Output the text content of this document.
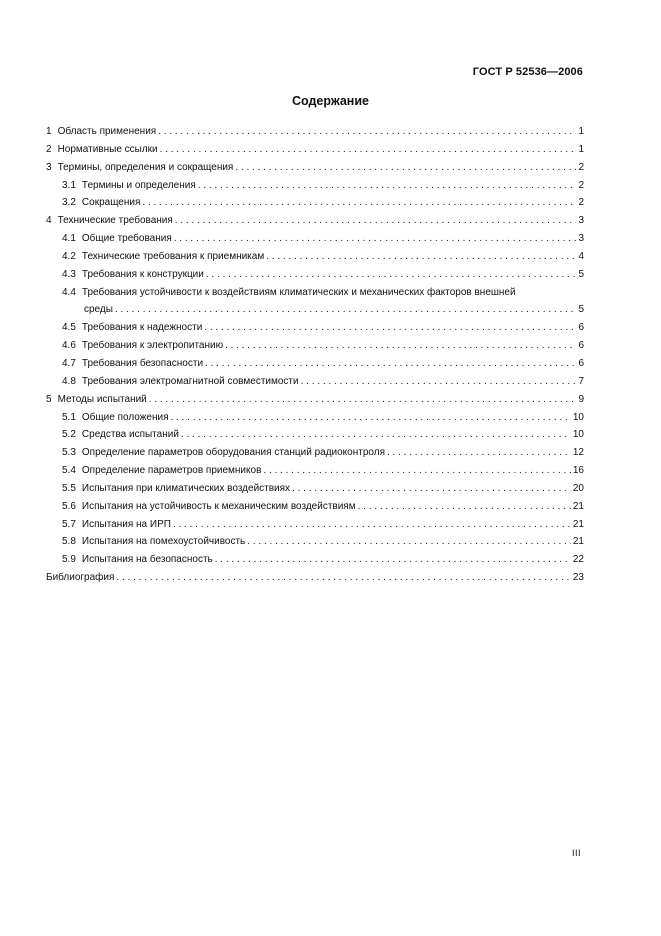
ГОСТ Р 52536—2006
Содержание
1 Область применения . . .	1
2 Нормативные ссылки . . .	1
3 Термины, определения и сокращения . . .	2
3.1 Термины и определения . . .	2
3.2 Сокращения . . .	2
4 Технические требования . . .	3
4.1 Общие требования . . .	3
4.2 Технические требования к приемникам . . .	4
4.3 Требования к конструкции . . .	5
4.4 Требования устойчивости к воздействиям климатических и механических факторов внешней
среды . . .	5
4.5 Требования к надежности . . .	6
4.6 Требования к электропитанию . . .	6
4.7 Требования безопасности . . .	6
4.8 Требования электромагнитной совместимости . . .	7
5 Методы испытаний . . .	9
5.1 Общие положения . . .	10
5.2 Средства испытаний . . .	10
5.3 Определение параметров оборудования станций радиоконтроля . . .	12
5.4 Определение параметров приемников . . .	16
5.5 Испытания при климатических воздействиях . . .	20
5.6 Испытания на устойчивость к механическим воздействиям . . .	21
5.7 Испытания на ИРП . . .	21
5.8 Испытания на помехоустойчивость . . .	21
5.9 Испытания на безопасность . . .	22
Библиография . . .	23
III
